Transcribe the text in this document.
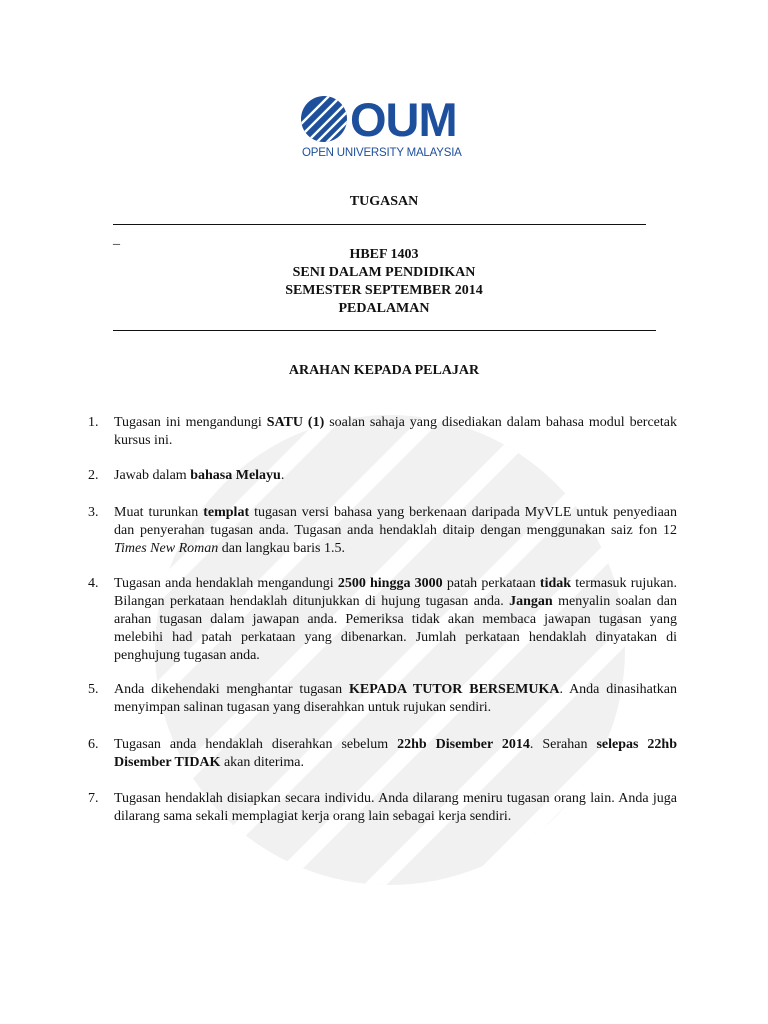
OUM
OPEN UNIVERSITY MALAYSIA
TUGASAN
_
HBEF 1403
SENI DALAM PENDIDIKAN
SEMESTER SEPTEMBER 2014
PEDALAMAN
ARAHAN KEPADA PELAJAR
1. Tugasan ini mengandungi SATU (1) soalan sahaja yang disediakan dalam bahasa modul bercetak kursus ini.
2. Jawab dalam bahasa Melayu.
3. Muat turunkan templat tugasan versi bahasa yang berkenaan daripada MyVLE untuk penyediaan dan penyerahan tugasan anda. Tugasan anda hendaklah ditaip dengan menggunakan saiz fon 12 Times New Roman dan langkau baris 1.5.
4. Tugasan anda hendaklah mengandungi 2500 hingga 3000 patah perkataan tidak termasuk rujukan. Bilangan perkataan hendaklah ditunjukkan di hujung tugasan anda. Jangan menyalin soalan dan arahan tugasan dalam jawapan anda. Pemeriksa tidak akan membaca jawapan tugasan yang melebihi had patah perkataan yang dibenarkan. Jumlah perkataan hendaklah dinyatakan di penghujung tugasan anda.
5. Anda dikehendaki menghantar tugasan KEPADA TUTOR BERSEMUKA. Anda dinasihatkan menyimpan salinan tugasan yang diserahkan untuk rujukan sendiri.
6. Tugasan anda hendaklah diserahkan sebelum 22hb Disember 2014. Serahan selepas 22hb Disember TIDAK akan diterima.
7. Tugasan hendaklah disiapkan secara individu. Anda dilarang meniru tugasan orang lain. Anda juga dilarang sama sekali memplagiat kerja orang lain sebagai kerja sendiri.
